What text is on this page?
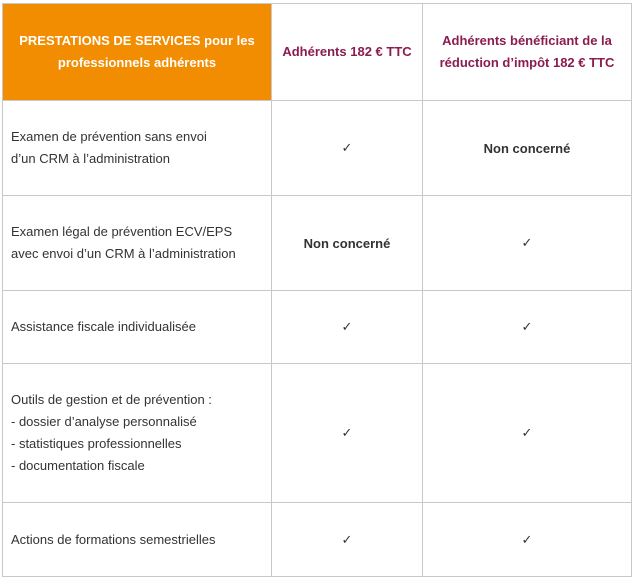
PRESTATIONS DE SERVICES pour les
professionnels adhérents	Adhérents 182 € TTC	Adhérents bénéficiant de la
réduction d’impôt 182 € TTC

Examen de prévention sans envoi
d’un CRM à l’administration	✓	Non concerné

Examen légal de prévention ECV/EPS
avec envoi d’un CRM à l’administration	Non concerné	✓

Assistance fiscale individualisée	✓	✓

Outils de gestion et de prévention :
- dossier d’analyse personnalisé
- statistiques professionnelles
- documentation fiscale	✓	✓

Actions de formations semestrielles	✓	✓
